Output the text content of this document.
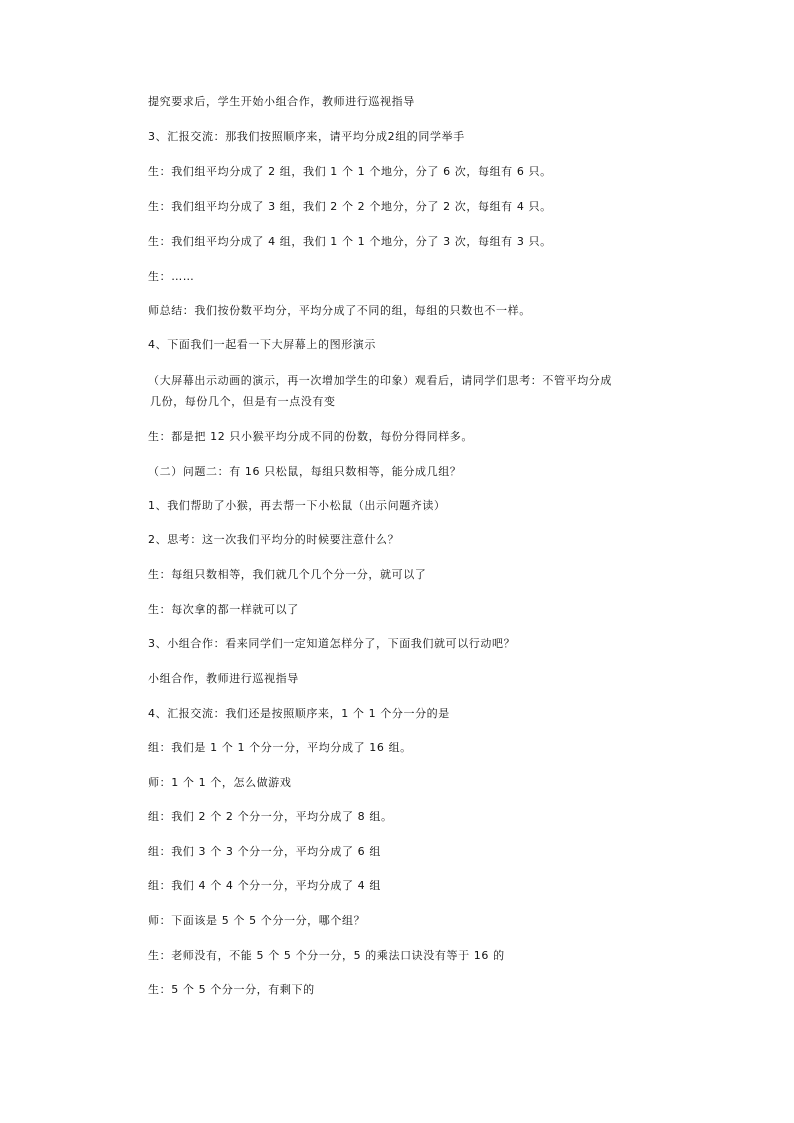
提究要求后，学生开始小组合作，教师进行巡视指导
3、汇报交流：那我们按照顺序来，请平均分成2组的同学举手
生：我们组平均分成了 2 组，我们 1 个 1 个地分，分了 6 次，每组有 6 只。
生：我们组平均分成了 3 组，我们 2 个 2 个地分，分了 2 次，每组有 4 只。
生：我们组平均分成了 4 组，我们 1 个 1 个地分，分了 3 次，每组有 3 只。
生：……
师总结：我们按份数平均分，平均分成了不同的组，每组的只数也不一样。
4、下面我们一起看一下大屏幕上的图形演示
（大屏幕出示动画的演示，再一次增加学生的印象）观看后，请同学们思考：不管平均分成几份，每份几个，但是有一点没有变
生：都是把 12 只小猴平均分成不同的份数，每份分得同样多。
（二）问题二：有 16 只松鼠，每组只数相等，能分成几组？
1、我们帮助了小猴，再去帮一下小松鼠（出示问题齐读）
2、思考：这一次我们平均分的时候要注意什么？
生：每组只数相等，我们就几个几个分一分，就可以了
生：每次拿的都一样就可以了
3、小组合作：看来同学们一定知道怎样分了，下面我们就可以行动吧？
小组合作，教师进行巡视指导
4、汇报交流：我们还是按照顺序来，1 个 1 个分一分的是
组：我们是 1 个 1 个分一分，平均分成了 16 组。
师：1 个 1 个，怎么做游戏
组：我们 2 个 2 个分一分，平均分成了 8 组。
组：我们 3 个 3 个分一分，平均分成了 6 组
组：我们 4 个 4 个分一分，平均分成了 4 组
师：下面该是 5 个 5 个分一分，哪个组？
生：老师没有，不能 5 个 5 个分一分，5 的乘法口诀没有等于 16 的
生：5 个 5 个分一分，有剩下的
